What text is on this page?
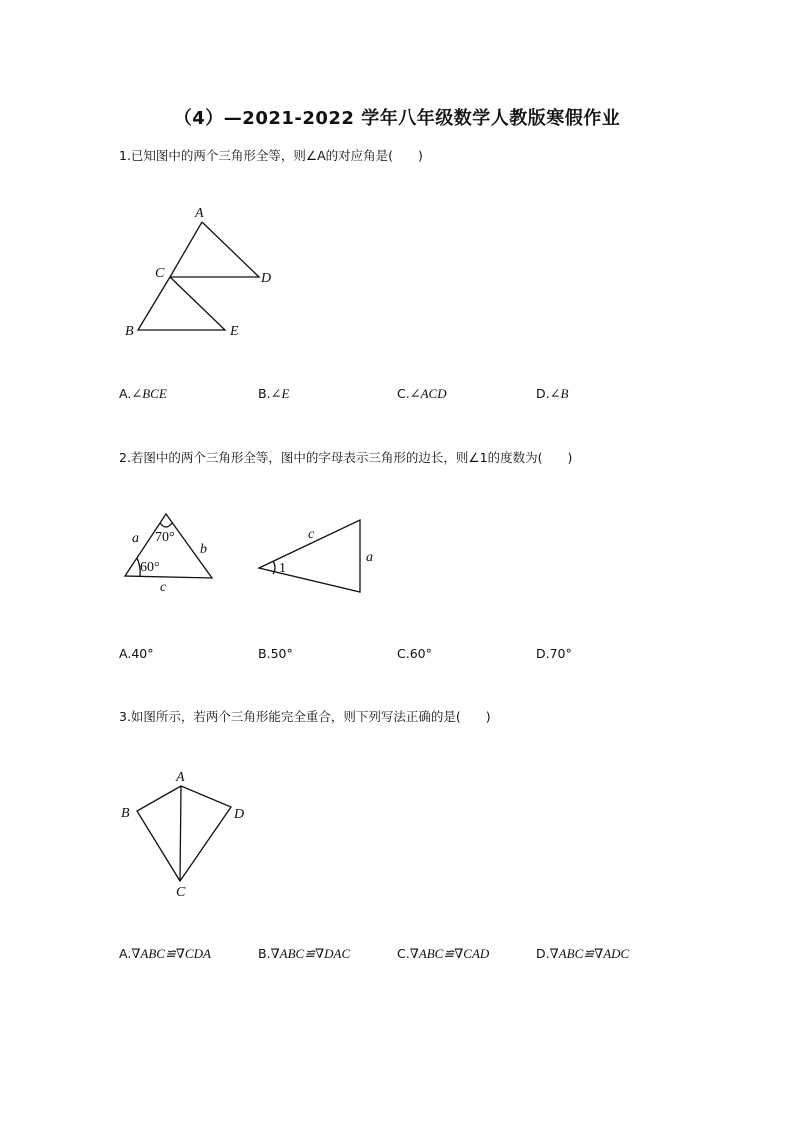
（4）—2021-2022 学年八年级数学人教版寒假作业
1.已知图中的两个三角形全等，则∠A的对应角是(　　)
A
C	D
B	E
A.∠BCE	B.∠E	C.∠ACD	D.∠B
2.若图中的两个三角形全等，图中的字母表示三角形的边长，则∠1的度数为(　　)
a
b
c
70°
60°
c
a
1
A.40°	B.50°	C.60°	D.70°
3.如图所示，若两个三角形能完全重合，则下列写法正确的是(　　)
A
B
C
D
A.∇ABC≌∇CDA	B.∇ABC≌∇DAC	C.∇ABC≌∇CAD	D.∇ABC≌∇ADC
